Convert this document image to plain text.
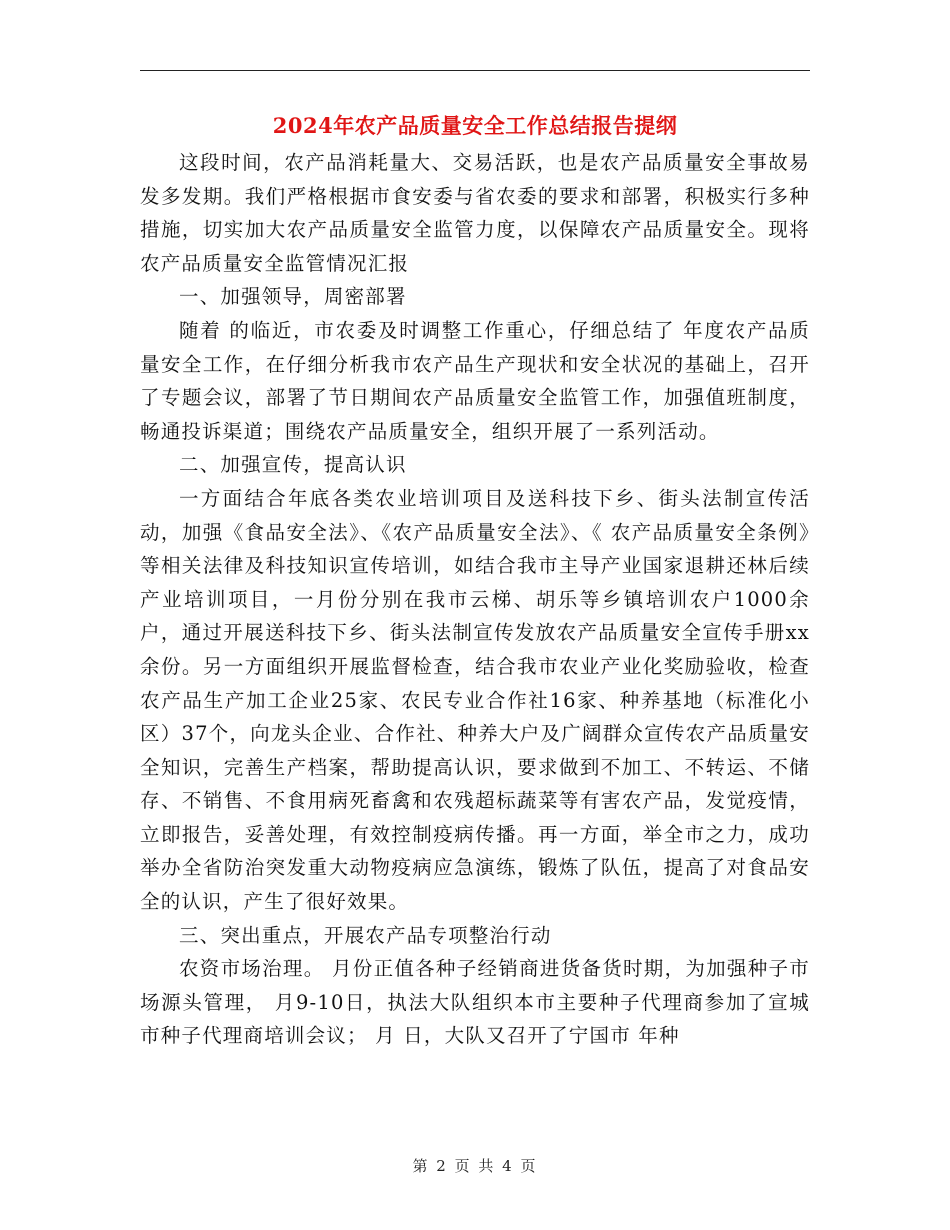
2024年农产品质量安全工作总结报告提纲

这段时间，农产品消耗量大、交易活跃，也是农产品质量安全事故易发多发期。我们严格根据市食安委与省农委的要求和部署，积极实行多种措施，切实加大农产品质量安全监管力度，以保障农产品质量安全。现将农产品质量安全监管情况汇报

一、加强领导，周密部署

随着 的临近，市农委及时调整工作重心，仔细总结了 年度农产品质量安全工作，在仔细分析我市农产品生产现状和安全状况的基础上，召开了专题会议，部署了节日期间农产品质量安全监管工作，加强值班制度，畅通投诉渠道；围绕农产品质量安全，组织开展了一系列活动。

二、加强宣传，提高认识

一方面结合年底各类农业培训项目及送科技下乡、街头法制宣传活动，加强《食品安全法》、《农产品质量安全法》、《 农产品质量安全条例》等相关法律及科技知识宣传培训，如结合我市主导产业国家退耕还林后续产业培训项目，一月份分别在我市云梯、胡乐等乡镇培训农户1000余户，通过开展送科技下乡、街头法制宣传发放农产品质量安全宣传手册xx余份。另一方面组织开展监督检查，结合我市农业产业化奖励验收，检查农产品生产加工企业25家、农民专业合作社16家、种养基地（标准化小区）37个，向龙头企业、合作社、种养大户及广阔群众宣传农产品质量安全知识，完善生产档案，帮助提高认识，要求做到不加工、不转运、不储存、不销售、不食用病死畜禽和农残超标蔬菜等有害农产品，发觉疫情，立即报告，妥善处理，有效控制疫病传播。再一方面，举全市之力，成功举办全省防治突发重大动物疫病应急演练，锻炼了队伍，提高了对食品安全的认识，产生了很好效果。

三、突出重点，开展农产品专项整治行动

农资市场治理。 月份正值各种子经销商进货备货时期，为加强种子市场源头管理， 月9-10日，执法大队组织本市主要种子代理商参加了宣城市种子代理商培训会议； 月 日，大队又召开了宁国市 年种

第 2 页 共 4 页
